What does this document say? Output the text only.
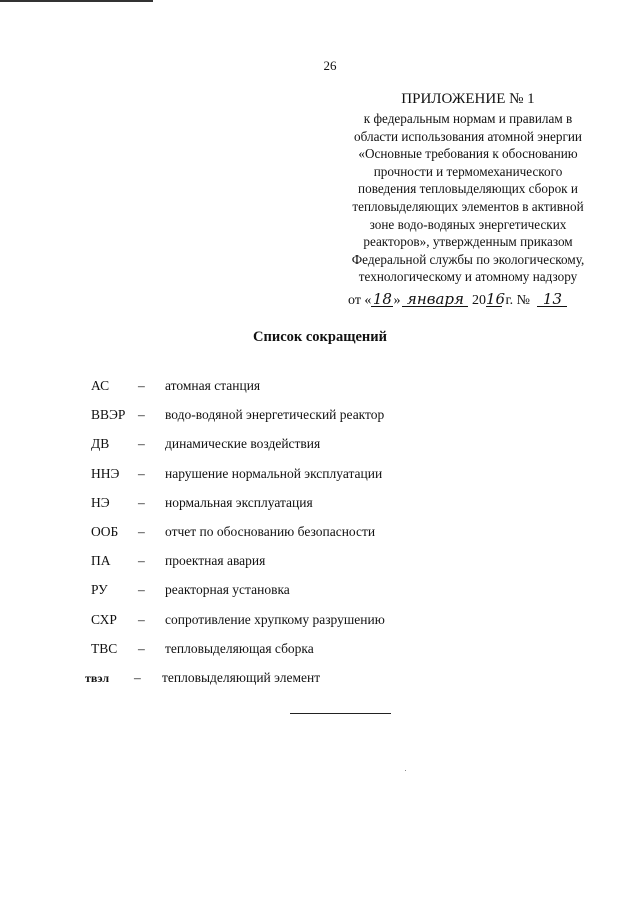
26
ПРИЛОЖЕНИЕ № 1
к федеральным нормам и правилам в
области использования атомной энергии
«Основные требования к обоснованию
прочности и термомеханического
поведения тепловыделяющих сборок и
тепловыделяющих элементов в активной
зоне водо-водяных энергетических
реакторов», утвержденным приказом
Федеральной службы по экологическому,
технологическому и атомному надзору
от «18» января 2016 г. № 13
Список сокращений
АС – атомная станция
ВВЭР – водо-водяной энергетический реактор
ДВ – динамические воздействия
ННЭ – нарушение нормальной эксплуатации
НЭ – нормальная эксплуатация
ООБ – отчет по обоснованию безопасности
ПА – проектная авария
РУ – реакторная установка
СХР – сопротивление хрупкому разрушению
ТВС – тепловыделяющая сборка
твэл – тепловыделяющий элемент
